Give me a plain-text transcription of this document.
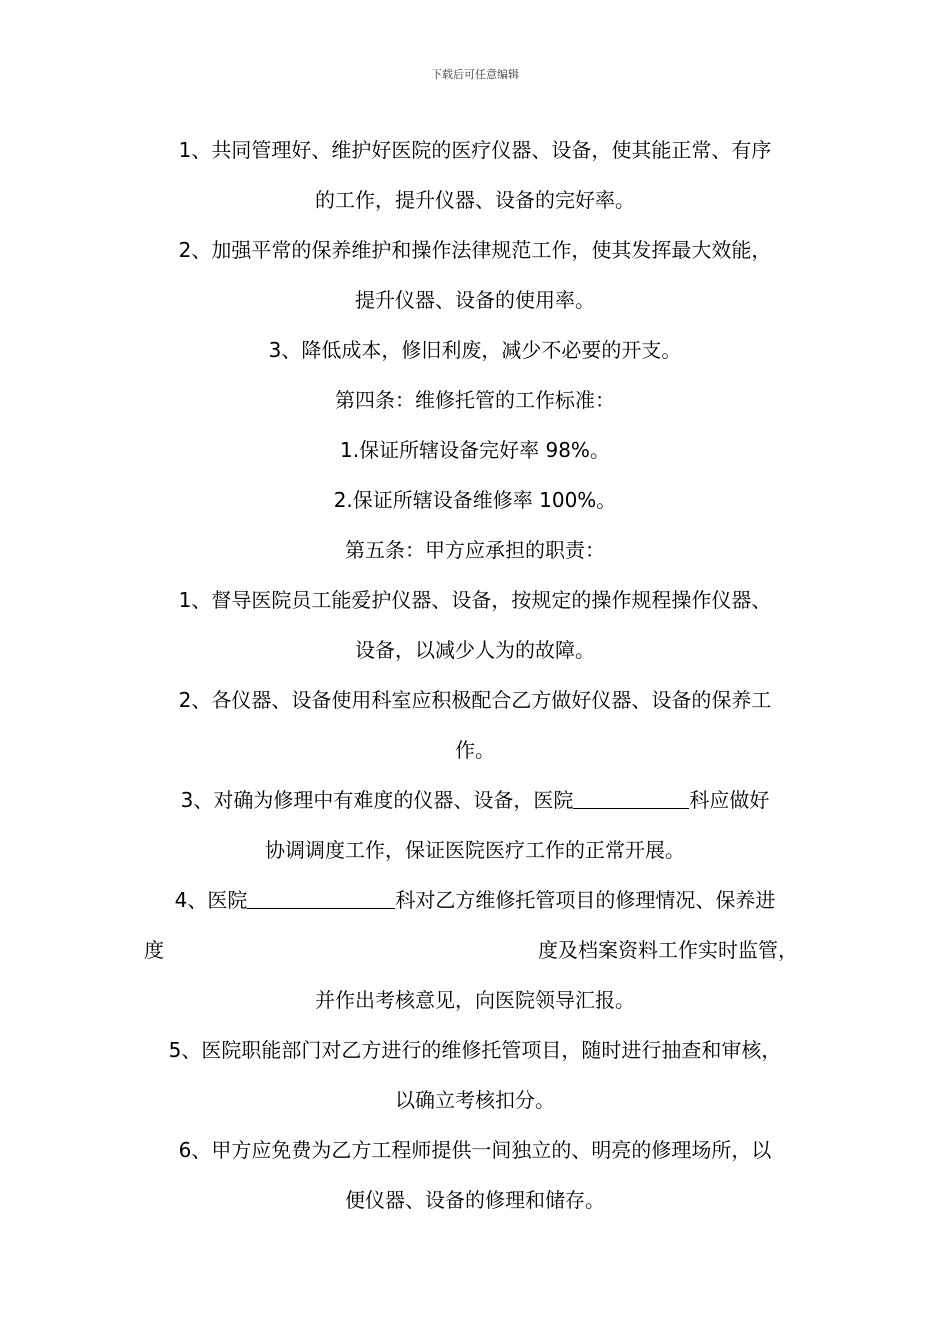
下载后可任意编辑
1、共同管理好、维护好医院的医疗仪器、设备，使其能正常、有序
的工作，提升仪器、设备的完好率。
2、加强平常的保养维护和操作法律规范工作，使其发挥最大效能，
提升仪器、设备的使用率。
3、降低成本，修旧利废，减少不必要的开支。
第四条：维修托管的工作标准：
1.保证所辖设备完好率 98%。
2.保证所辖设备维修率 100%。
第五条：甲方应承担的职责：
1、督导医院员工能爱护仪器、设备，按规定的操作规程操作仪器、
设备，以减少人为的故障。
2、各仪器、设备使用科室应积极配合乙方做好仪器、设备的保养工
作。
3、对确为修理中有难度的仪器、设备，医院	科应做好
协调调度工作，保证医院医疗工作的正常开展。
4、医院	科对乙方维修托管项目的修理情况、保养进
度	度及档案资料工作实时监管，
并作出考核意见，向医院领导汇报。
5、医院职能部门对乙方进行的维修托管项目，随时进行抽查和审核，
以确立考核扣分。
6、甲方应免费为乙方工程师提供一间独立的、明亮的修理场所，以
便仪器、设备的修理和储存。
